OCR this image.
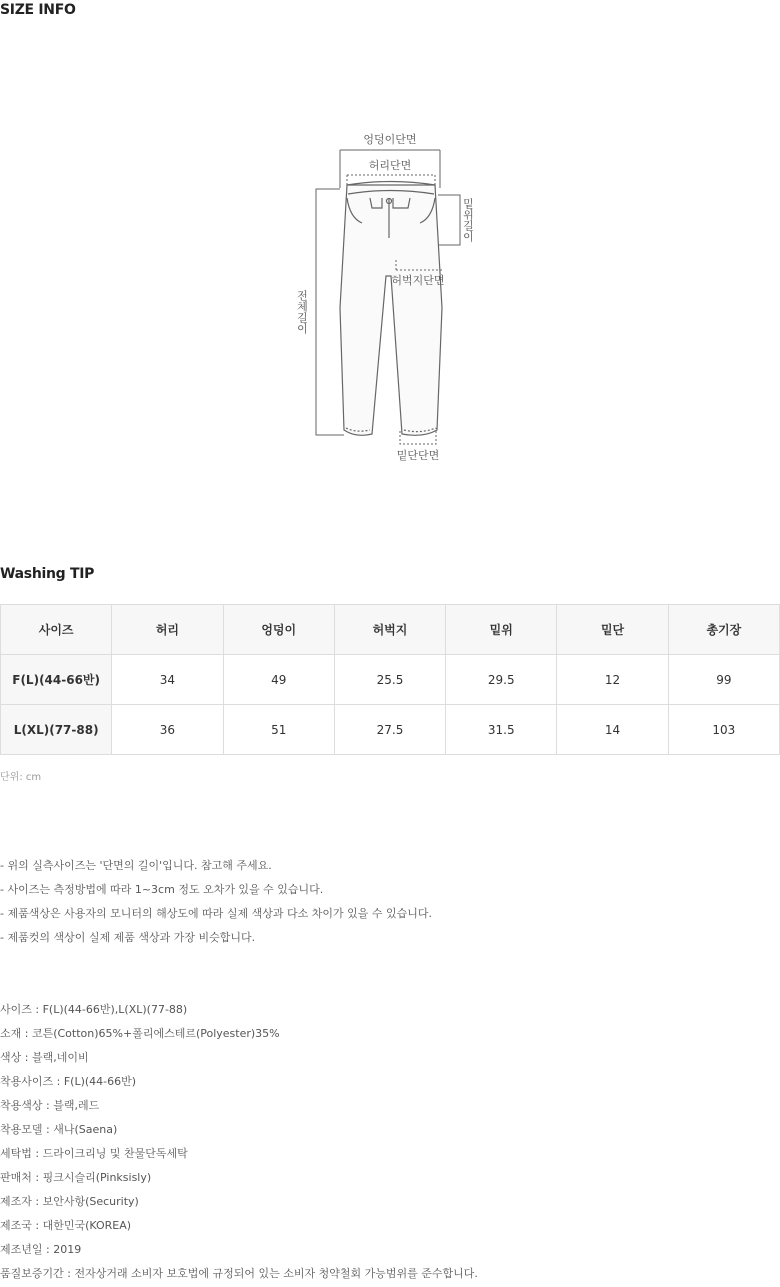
SIZE INFO
엉덩이단면
허리단면
허벅지단면
밑단단면
밑위길이
전체길이
Washing TIP
사이즈	허리	엉덩이	허벅지	밑위	밑단	총기장
F(L)(44-66반)	34	49	25.5	29.5	12	99
L(XL)(77-88)	36	51	27.5	31.5	14	103
단위: cm
- 위의 실측사이즈는 '단면의 길이'입니다. 참고해 주세요.
- 사이즈는 측정방법에 따라 1~3cm 정도 오차가 있을 수 있습니다.
- 제품색상은 사용자의 모니터의 해상도에 따라 실제 색상과 다소 차이가 있을 수 있습니다.
- 제품컷의 색상이 실제 제품 색상과 가장 비슷합니다.
사이즈 : F(L)(44-66반),L(XL)(77-88)
소재 : 코튼(Cotton)65%+폴리에스테르(Polyester)35%
색상 : 블랙,네이비
착용사이즈 : F(L)(44-66반)
착용색상 : 블랙,레드
착용모델 : 새나(Saena)
세탁법 : 드라이크리닝 및 찬물단독세탁
판매처 : 핑크시슬리(Pinksisly)
제조자 : 보안사항(Security)
제조국 : 대한민국(KOREA)
제조년일 : 2019
품질보증기간 : 전자상거래 소비자 보호법에 규정되어 있는 소비자 청약철회 가능범위를 준수합니다.
